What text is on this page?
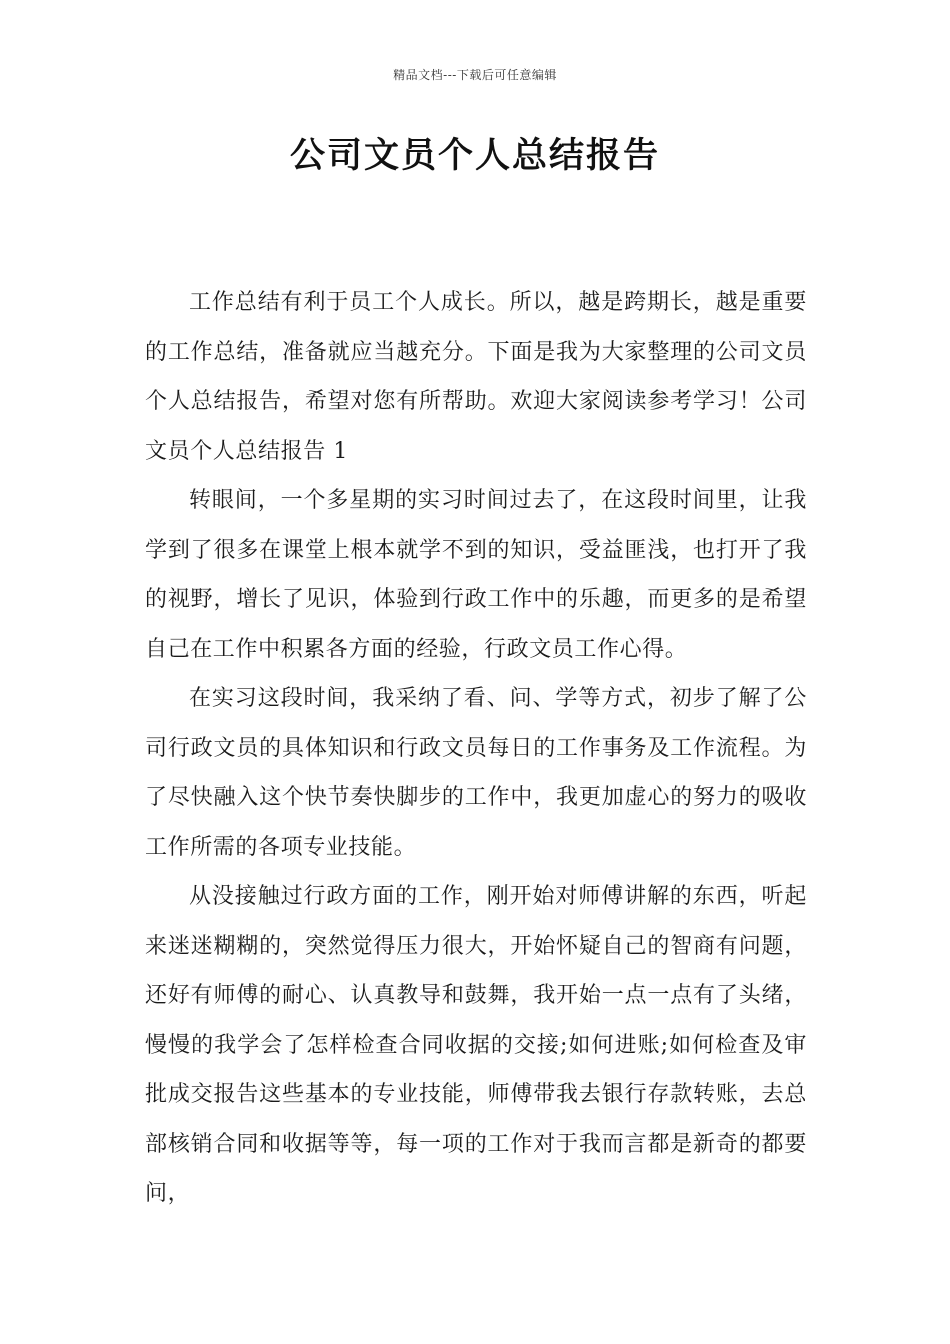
精品文档---下载后可任意编辑
公司文员个人总结报告

工作总结有利于员工个人成长。所以，越是跨期长，越是重要的工作总结，准备就应当越充分。下面是我为大家整理的公司文员个人总结报告，希望对您有所帮助。欢迎大家阅读参考学习！公司文员个人总结报告 1

转眼间，一个多星期的实习时间过去了，在这段时间里，让我学到了很多在课堂上根本就学不到的知识，受益匪浅，也打开了我的视野，增长了见识，体验到行政工作中的乐趣，而更多的是希望自己在工作中积累各方面的经验，行政文员工作心得。

在实习这段时间，我采纳了看、问、学等方式，初步了解了公司行政文员的具体知识和行政文员每日的工作事务及工作流程。为了尽快融入这个快节奏快脚步的工作中，我更加虚心的努力的吸收工作所需的各项专业技能。

从没接触过行政方面的工作，刚开始对师傅讲解的东西，听起来迷迷糊糊的，突然觉得压力很大，开始怀疑自己的智商有问题，还好有师傅的耐心、认真教导和鼓舞，我开始一点一点有了头绪，慢慢的我学会了怎样检查合同收据的交接;如何进账;如何检查及审批成交报告这些基本的专业技能，师傅带我去银行存款转账，去总部核销合同和收据等等，每一项的工作对于我而言都是新奇的都要问，
